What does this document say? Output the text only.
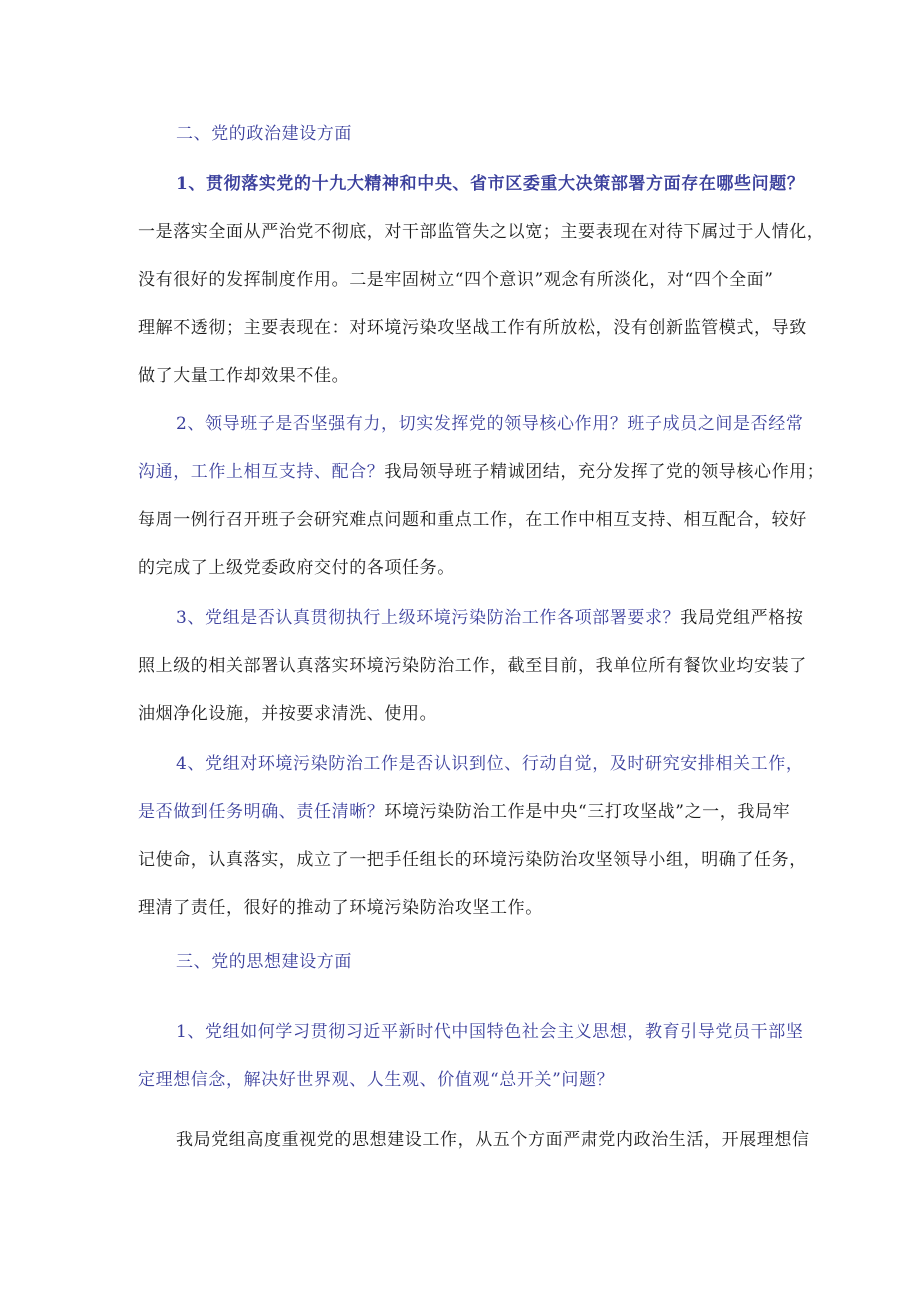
二、党的政治建设方面
1、贯彻落实党的十九大精神和中央、省市区委重大决策部署方面存在哪些问题？
一是落实全面从严治党不彻底，对干部监管失之以宽；主要表现在对待下属过于人情化，
没有很好的发挥制度作用。二是牢固树立“四个意识”观念有所淡化，对“四个全面”
理解不透彻；主要表现在：对环境污染攻坚战工作有所放松，没有创新监管模式，导致
做了大量工作却效果不佳。
2、领导班子是否坚强有力，切实发挥党的领导核心作用？班子成员之间是否经常
沟通，工作上相互支持、配合？我局领导班子精诚团结，充分发挥了党的领导核心作用；
每周一例行召开班子会研究难点问题和重点工作，在工作中相互支持、相互配合，较好
的完成了上级党委政府交付的各项任务。
3、党组是否认真贯彻执行上级环境污染防治工作各项部署要求？我局党组严格按
照上级的相关部署认真落实环境污染防治工作，截至目前，我单位所有餐饮业均安装了
油烟净化设施，并按要求清洗、使用。
4、党组对环境污染防治工作是否认识到位、行动自觉，及时研究安排相关工作，
是否做到任务明确、责任清晰？环境污染防治工作是中央“三打攻坚战”之一，我局牢
记使命，认真落实，成立了一把手任组长的环境污染防治攻坚领导小组，明确了任务，
理清了责任，很好的推动了环境污染防治攻坚工作。
三、党的思想建设方面
1、党组如何学习贯彻习近平新时代中国特色社会主义思想，教育引导党员干部坚
定理想信念，解决好世界观、人生观、价值观“总开关”问题？
我局党组高度重视党的思想建设工作，从五个方面严肃党内政治生活，开展理想信
